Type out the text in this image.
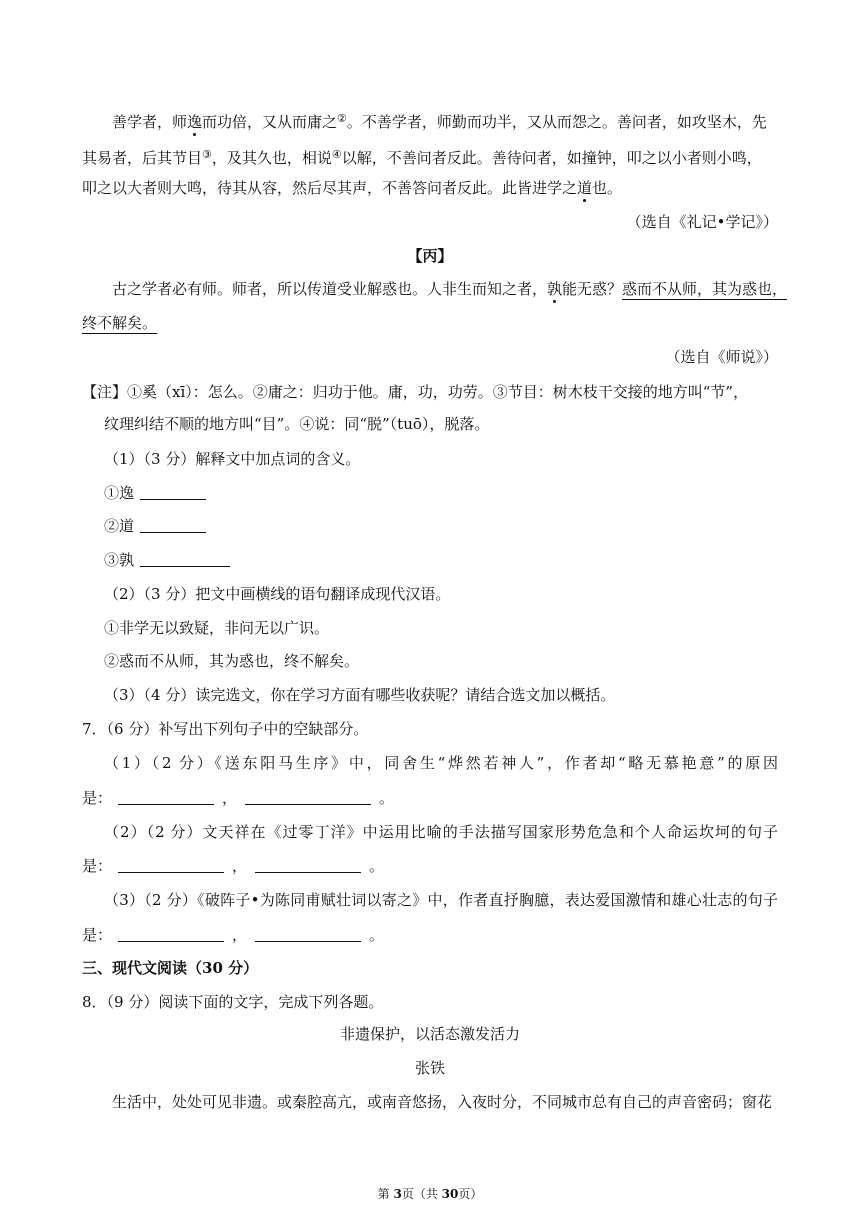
善学者，师逸而功倍，又从而庸之②。不善学者，师勤而功半，又从而怨之。善问者，如攻坚木，先
其易者，后其节目③，及其久也，相说④以解，不善问者反此。善待问者，如撞钟，叩之以小者则小鸣，
叩之以大者则大鸣，待其从容，然后尽其声，不善答问者反此。此皆进学之道也。
（选自《礼记•学记》）
【丙】
古之学者必有师。师者，所以传道受业解惑也。人非生而知之者，孰能无惑？惑而不从师，其为惑也，
终不解矣。
（选自《师说》）
【注】①奚（xī）：怎么。②庸之：归功于他。庸，功，功劳。③节目：树木枝干交接的地方叫“节”，
纹理纠结不顺的地方叫“目”。④说：同“脱”（tuō），脱落。
（1）（3 分）解释文中加点词的含义。
①逸
②道
③孰
（2）（3 分）把文中画横线的语句翻译成现代汉语。
①非学无以致疑，非问无以广识。
②惑而不从师，其为惑也，终不解矣。
（3）（4 分）读完选文，你在学习方面有哪些收获呢？请结合选文加以概括。
7．（6 分）补写出下列句子中的空缺部分。
（1）（2 分）《送东阳马生序》中，同舍生“烨然若神人”，作者却“略无慕艳意”的原因
是：	，	。
（2）（2 分）文天祥在《过零丁洋》中运用比喻的手法描写国家形势危急和个人命运坎坷的句子
是：	，	。
（3）（2 分）《破阵子•为陈同甫赋壮词以寄之》中，作者直抒胸臆，表达爱国激情和雄心壮志的句子
是：	，	。
三、现代文阅读（30 分）
8．（9 分）阅读下面的文字，完成下列各题。
非遗保护，以活态激发活力
张铁
生活中，处处可见非遗。或秦腔高亢，或南音悠扬，入夜时分，不同城市总有自己的声音密码；窗花
第 3页（共 30页）
